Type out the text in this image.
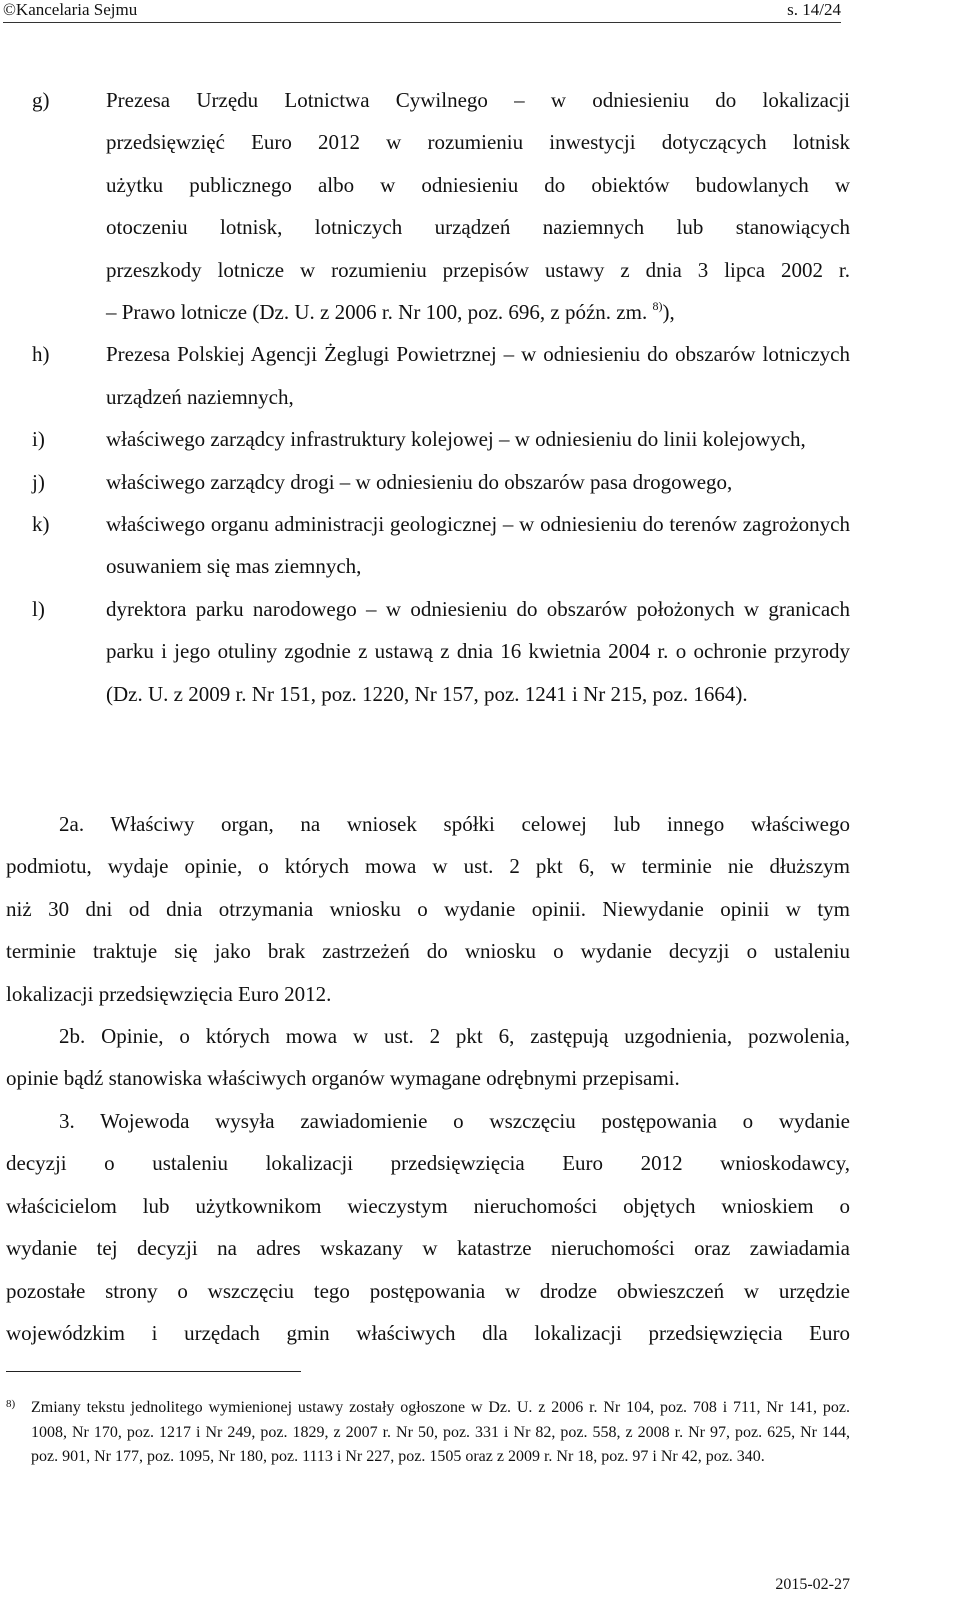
©Kancelaria Sejmu	s. 14/24
g)	Prezesa Urzędu Lotnictwa Cywilnego – w odniesieniu do lokalizacji
przedsięwzięć Euro 2012 w rozumieniu inwestycji dotyczących lotnisk
użytku publicznego albo w odniesieniu do obiektów budowlanych w
otoczeniu lotnisk, lotniczych urządzeń naziemnych lub stanowiących
przeszkody lotnicze w rozumieniu przepisów ustawy z dnia 3 lipca 2002 r.
– Prawo lotnicze (Dz. U. z 2006 r. Nr 100, poz. 696, z późn. zm. $^{8)}$),
h)	Prezesa Polskiej Agencji Żeglugi Powietrznej – w odniesieniu do obszarów lotniczych urządzeń naziemnych,
i)	właściwego zarządcy infrastruktury kolejowej – w odniesieniu do linii kolejowych,
j)	właściwego zarządcy drogi – w odniesieniu do obszarów pasa drogowego,
k)	właściwego organu administracji geologicznej – w odniesieniu do terenów zagrożonych osuwaniem się mas ziemnych,
l)	dyrektora parku narodowego – w odniesieniu do obszarów położonych w granicach parku i jego otuliny zgodnie z ustawą z dnia 16 kwietnia 2004 r. o ochronie przyrody (Dz. U. z 2009 r. Nr 151, poz. 1220, Nr 157, poz. 1241 i Nr 215, poz. 1664).
2a. Właściwy organ, na wniosek spółki celowej lub innego właściwego
podmiotu, wydaje opinie, o których mowa w ust. 2 pkt 6, w terminie nie dłuższym
niż 30 dni od dnia otrzymania wniosku o wydanie opinii. Niewydanie opinii w tym
terminie traktuje się jako brak zastrzeżeń do wniosku o wydanie decyzji o ustaleniu
lokalizacji przedsięwzięcia Euro 2012.
2b. Opinie, o których mowa w ust. 2 pkt 6, zastępują uzgodnienia, pozwolenia,
opinie bądź stanowiska właściwych organów wymagane odrębnymi przepisami.
3. Wojewoda wysyła zawiadomienie o wszczęciu postępowania o wydanie
decyzji o ustaleniu lokalizacji przedsięwzięcia Euro 2012 wnioskodawcy,
właścicielom lub użytkownikom wieczystym nieruchomości objętych wnioskiem o
wydanie tej decyzji na adres wskazany w katastrze nieruchomości oraz zawiadamia
pozostałe strony o wszczęciu tego postępowania w drodze obwieszczeń w urzędzie
wojewódzkim i urzędach gmin właściwych dla lokalizacji przedsięwzięcia Euro
8) Zmiany tekstu jednolitego wymienionej ustawy zostały ogłoszone w Dz. U. z 2006 r. Nr 104, poz. 708 i 711, Nr 141, poz. 1008, Nr 170, poz. 1217 i Nr 249, poz. 1829, z 2007 r. Nr 50, poz. 331 i Nr 82, poz. 558, z 2008 r. Nr 97, poz. 625, Nr 144, poz. 901, Nr 177, poz. 1095, Nr 180, poz. 1113 i Nr 227, poz. 1505 oraz z 2009 r. Nr 18, poz. 97 i Nr 42, poz. 340.
2015-02-27
